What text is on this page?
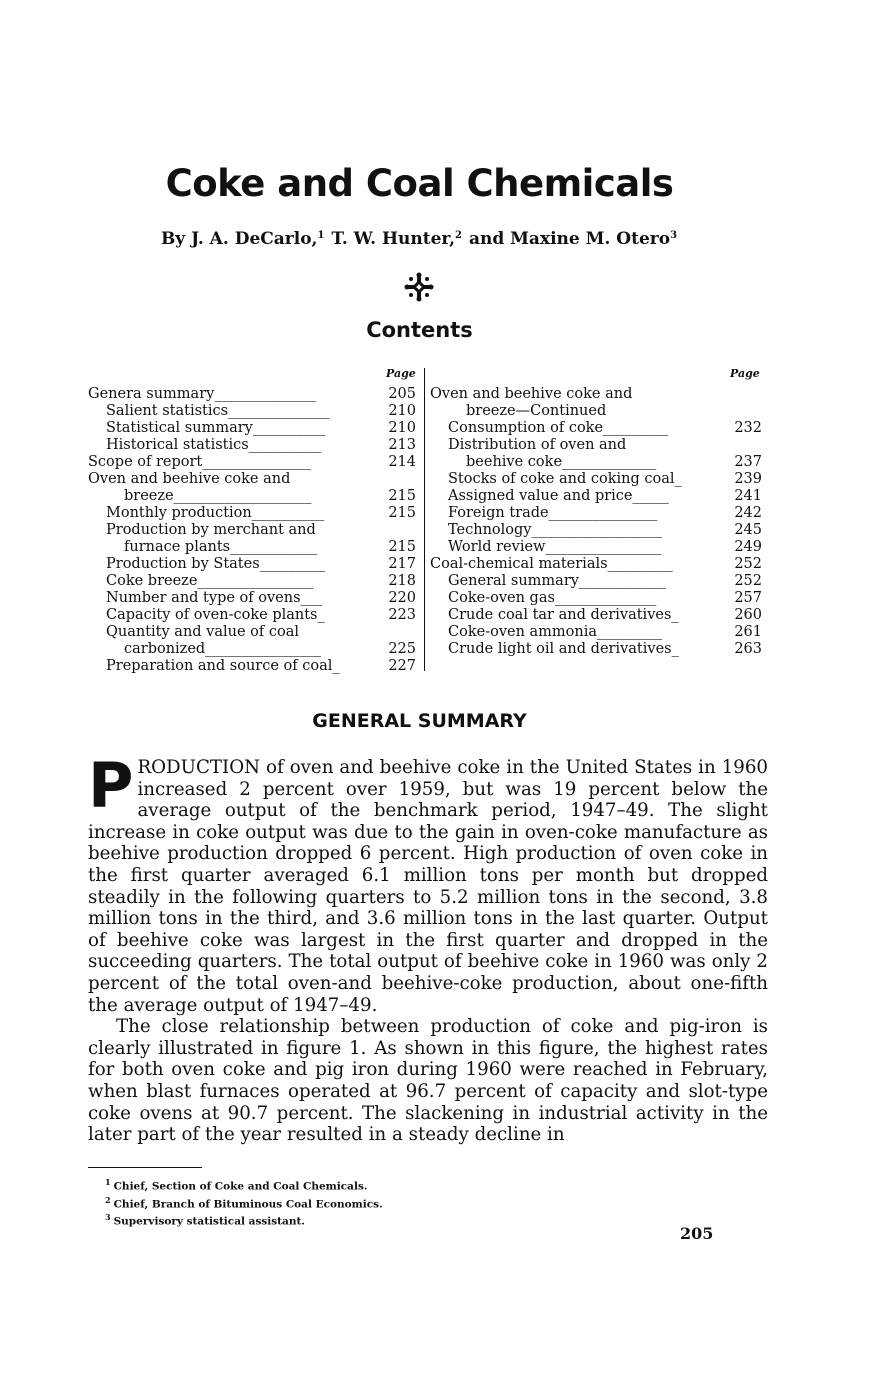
Coke and Coal Chemicals
By J. A. DeCarlo,$^1$ T. W. Hunter,$^2$ and Maxine M. Otero$^3$
Contents
Page	Page
Genera summary______________	205
Salient statistics______________	210
Statistical summary__________	210
Historical statistics__________	213
Scope of report_______________	214
Oven and beehive coke and
breeze___________________	215
Monthly production__________	215
Production by merchant and
furnace plants____________	215
Production by States_________	217
Coke breeze________________	218
Number and type of ovens___	220
Capacity of oven-coke plants_	223
Quantity and value of coal
carbonized________________	225
Preparation and source of coal_	227
Oven and beehive coke and
breeze—Continued
Consumption of coke_________	232
Distribution of oven and
beehive coke_____________	237
Stocks of coke and coking coal_	239
Assigned value and price_____	241
Foreign trade_______________	242
Technology__________________	245
World review________________	249
Coal-chemical materials_________	252
General summary____________	252
Coke-oven gas______________	257
Crude coal tar and derivatives_	260
Coke-oven ammonia_________	261
Crude light oil and derivatives_	263
GENERAL SUMMARY

PRODUCTION of oven and beehive coke in the United States in 1960 increased 2 percent over 1959, but was 19 percent below the average output of the benchmark period, 1947–49. The slight increase in coke output was due to the gain in oven-coke manufacture as beehive production dropped 6 percent. High production of oven coke in the first quarter averaged 6.1 million tons per month but dropped steadily in the following quarters to 5.2 million tons in the second, 3.8 million tons in the third, and 3.6 million tons in the last quarter. Output of beehive coke was largest in the first quarter and dropped in the succeeding quarters. The total output of beehive coke in 1960 was only 2 percent of the total oven-and beehive-coke production, about one-fifth the average output of 1947–49.

The close relationship between production of coke and pig-iron is clearly illustrated in figure 1. As shown in this figure, the highest rates for both oven coke and pig iron during 1960 were reached in February, when blast furnaces operated at 96.7 percent of capacity and slot-type coke ovens at 90.7 percent. The slackening in industrial activity in the later part of the year resulted in a steady decline in

$^1$ Chief, Section of Coke and Coal Chemicals.
$^2$ Chief, Branch of Bituminous Coal Economics.
$^3$ Supervisory statistical assistant.
205
